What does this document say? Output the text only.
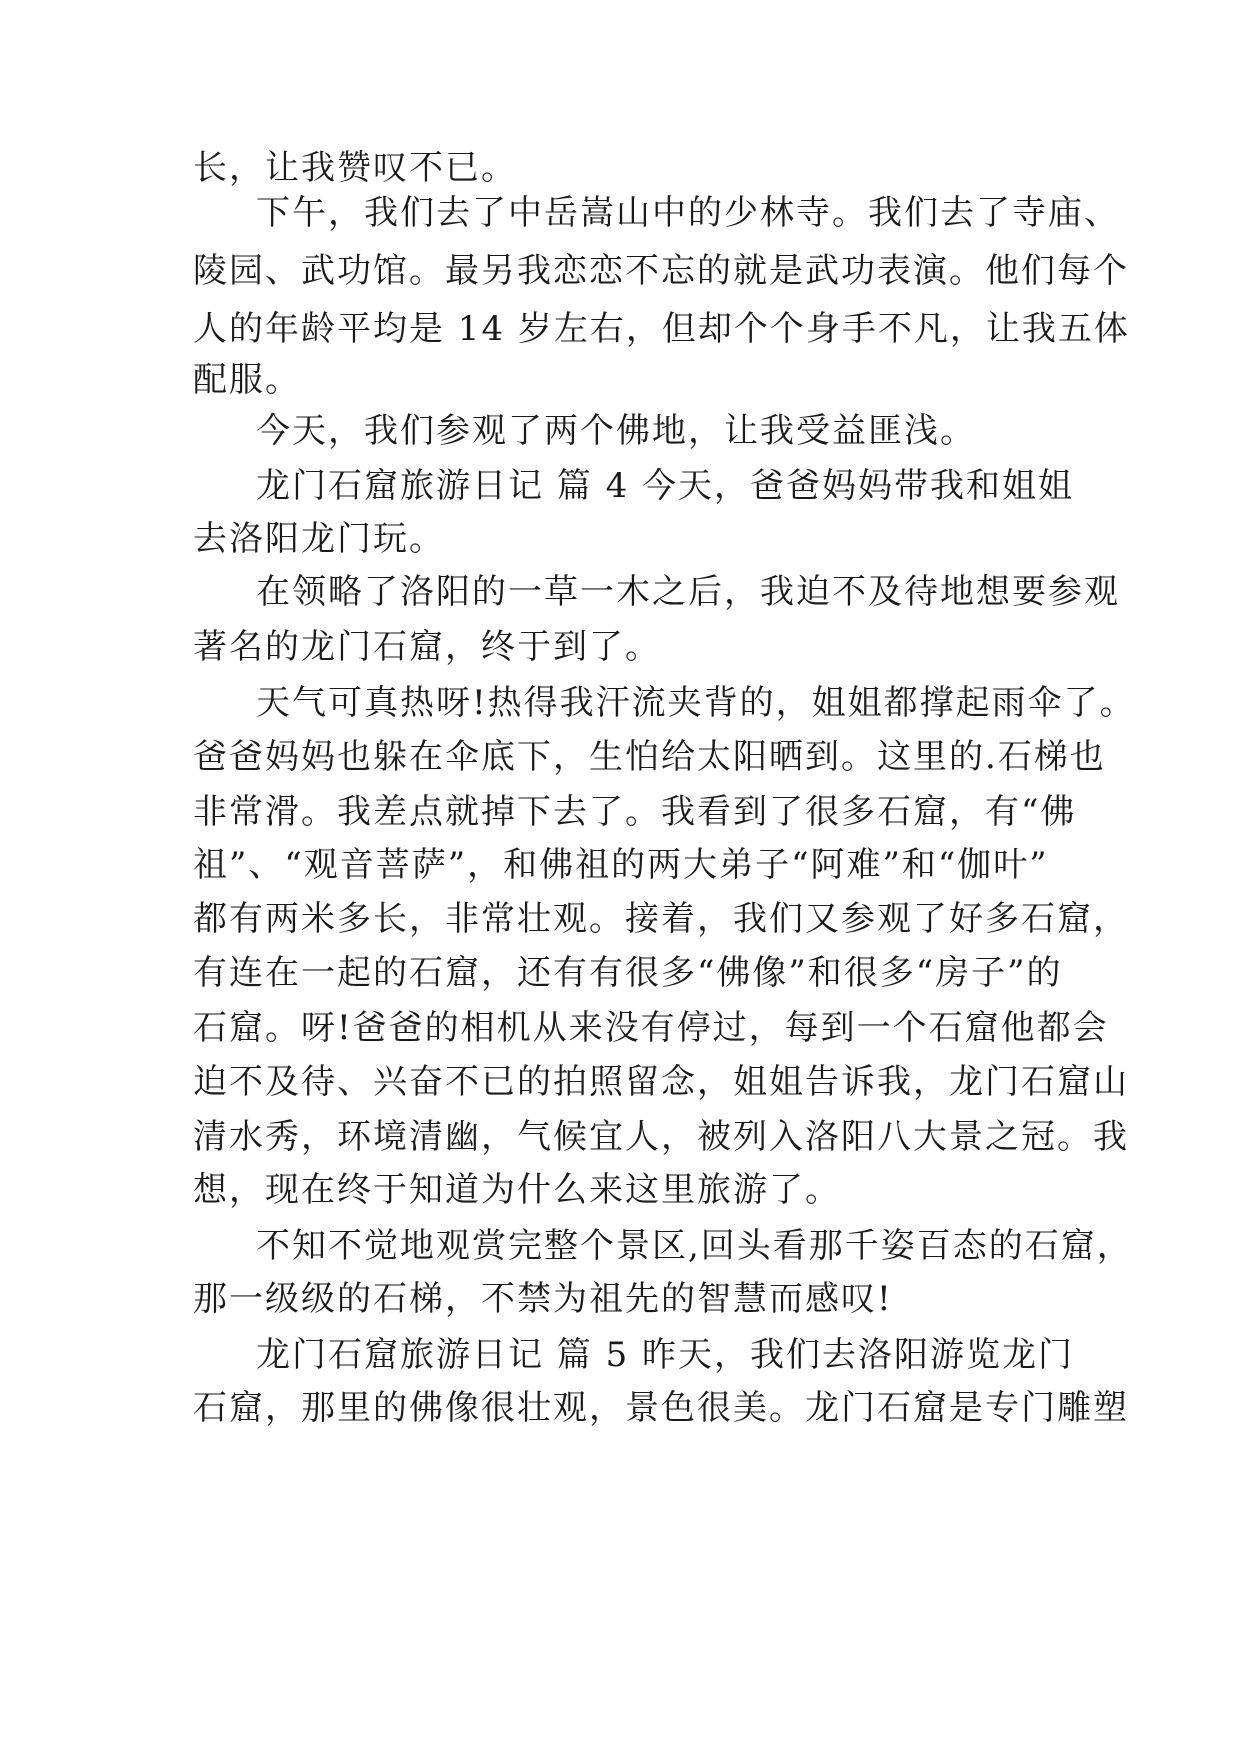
长，让我赞叹不已。
下午，我们去了中岳嵩山中的少林寺。我们去了寺庙、
陵园、武功馆。最另我恋恋不忘的就是武功表演。他们每个
人的年龄平均是 14 岁左右，但却个个身手不凡，让我五体
配服。
今天，我们参观了两个佛地，让我受益匪浅。
龙门石窟旅游日记 篇 4 今天，爸爸妈妈带我和姐姐
去洛阳龙门玩。
在领略了洛阳的一草一木之后，我迫不及待地想要参观
著名的龙门石窟，终于到了。
天气可真热呀!热得我汗流夹背的，姐姐都撑起雨伞了。
爸爸妈妈也躲在伞底下，生怕给太阳晒到。这里的.石梯也
非常滑。我差点就掉下去了。我看到了很多石窟，有“佛
祖”、“观音菩萨”，和佛祖的两大弟子“阿难”和“伽叶”
都有两米多长，非常壮观。接着，我们又参观了好多石窟，
有连在一起的石窟，还有有很多“佛像”和很多“房子”的
石窟。呀!爸爸的相机从来没有停过，每到一个石窟他都会
迫不及待、兴奋不已的拍照留念，姐姐告诉我，龙门石窟山
清水秀，环境清幽，气候宜人，被列入洛阳八大景之冠。我
想，现在终于知道为什么来这里旅游了。
不知不觉地观赏完整个景区,回头看那千姿百态的石窟，
那一级级的石梯，不禁为祖先的智慧而感叹!
龙门石窟旅游日记 篇 5 昨天，我们去洛阳游览龙门
石窟，那里的佛像很壮观，景色很美。龙门石窟是专门雕塑
